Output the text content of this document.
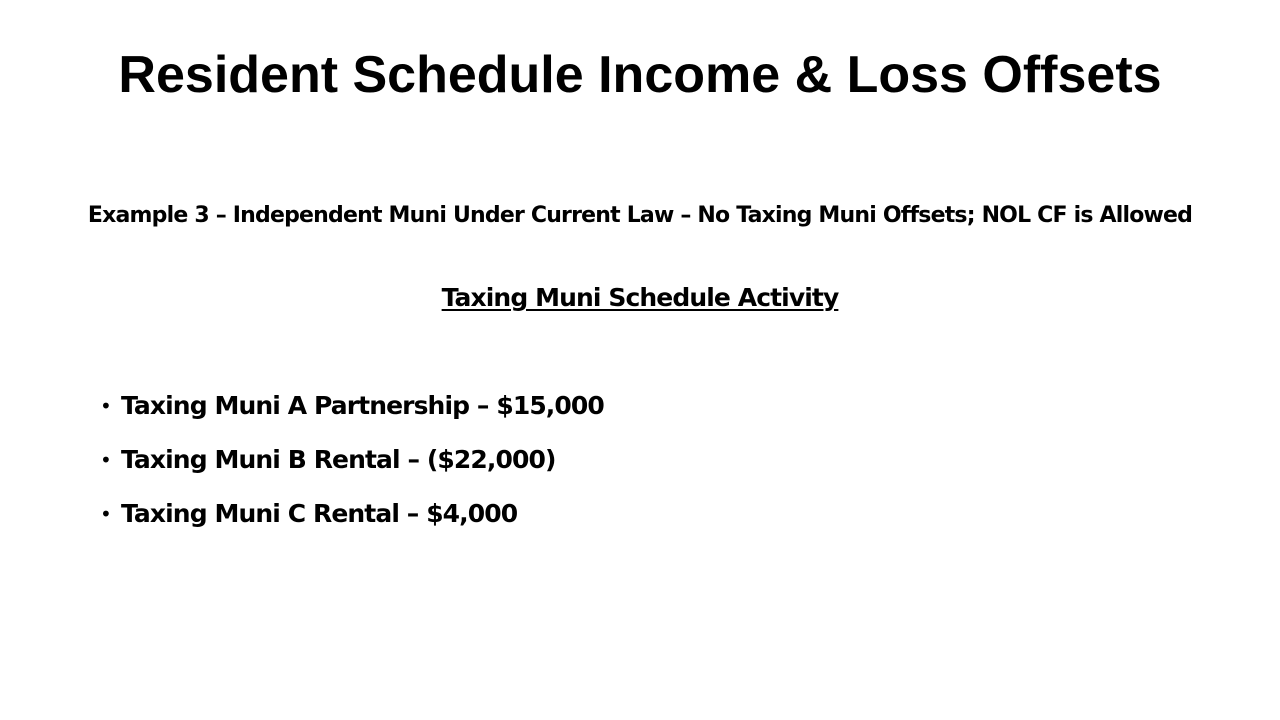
Resident Schedule Income & Loss Offsets

Example 3 – Independent Muni Under Current Law – No Taxing Muni Offsets; NOL CF is Allowed

Taxing Muni Schedule Activity

• Taxing Muni A Partnership – $15,000
• Taxing Muni B Rental – ($22,000)
• Taxing Muni C Rental – $4,000
